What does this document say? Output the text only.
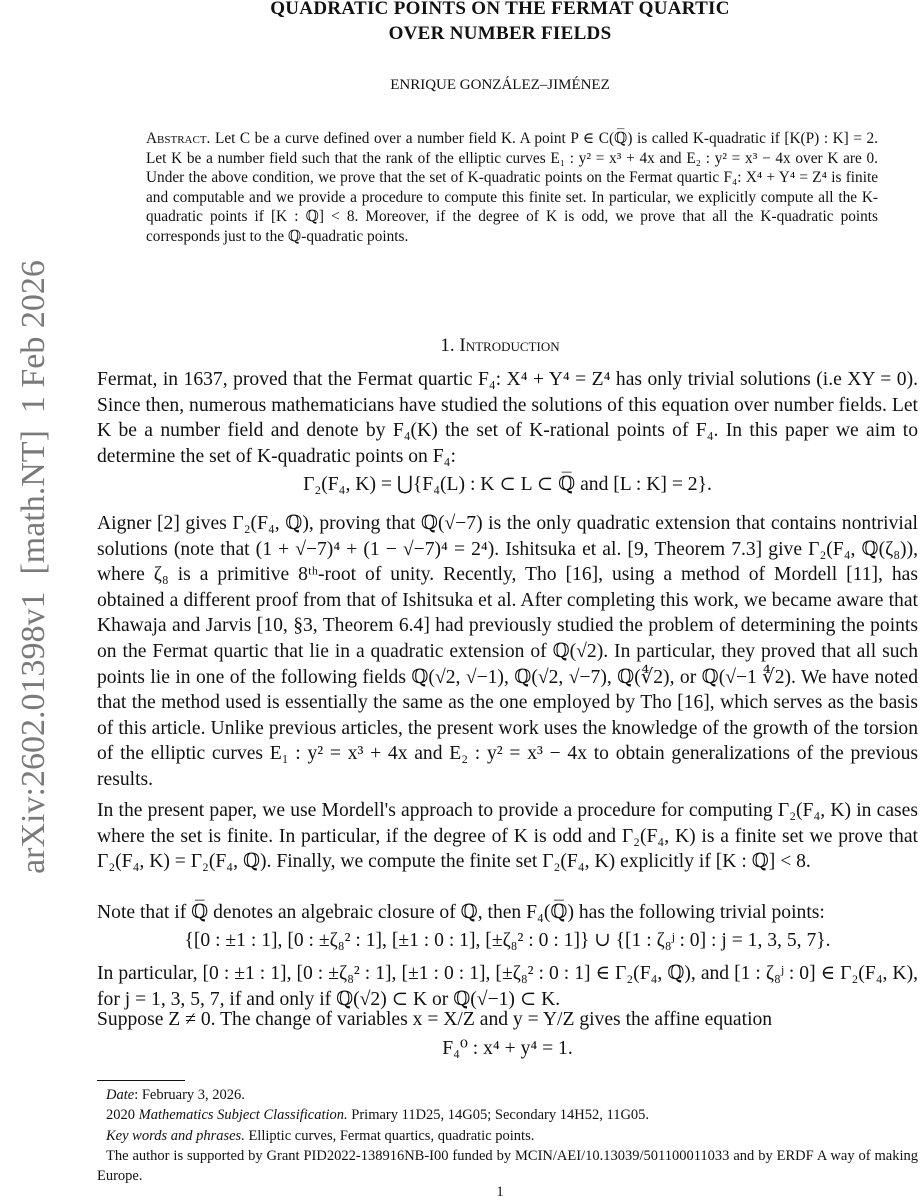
arXiv:2602.01398v1  [math.NT]  1 Feb 2026
QUADRATIC POINTS ON THE FERMAT QUARTIC
OVER NUMBER FIELDS
ENRIQUE GONZÁLEZ–JIMÉNEZ
Abstract. Let C be a curve defined over a number field K. A point P ∈ C(ℚ̅) is called K-quadratic if [K(P) : K] = 2. Let K be a number field such that the rank of the elliptic curves E₁ : y² = x³ + 4x and E₂ : y² = x³ − 4x over K are 0. Under the above condition, we prove that the set of K-quadratic points on the Fermat quartic F₄: X⁴ + Y⁴ = Z⁴ is finite and computable and we provide a procedure to compute this finite set. In particular, we explicitly compute all the K-quadratic points if [K : ℚ] < 8. Moreover, if the degree of K is odd, we prove that all the K-quadratic points corresponds just to the ℚ-quadratic points.
1. Introduction
Fermat, in 1637, proved that the Fermat quartic F₄: X⁴ + Y⁴ = Z⁴ has only trivial solutions (i.e XY = 0). Since then, numerous mathematicians have studied the solutions of this equation over number fields. Let K be a number field and denote by F₄(K) the set of K-rational points of F₄. In this paper we aim to determine the set of K-quadratic points on F₄:
Γ₂(F₄, K) = ⋃{F₄(L) : K ⊂ L ⊂ ℚ̅ and [L : K] = 2}.
Aigner [2] gives Γ₂(F₄, ℚ), proving that ℚ(√−7) is the only quadratic extension that contains nontrivial solutions (note that (1 + √−7)⁴ + (1 − √−7)⁴ = 2⁴). Ishitsuka et al. [9, Theorem 7.3] give Γ₂(F₄, ℚ(ζ₈)), where ζ₈ is a primitive 8ᵗʰ-root of unity. Recently, Tho [16], using a method of Mordell [11], has obtained a different proof from that of Ishitsuka et al. After completing this work, we became aware that Khawaja and Jarvis [10, §3, Theorem 6.4] had previously studied the problem of determining the points on the Fermat quartic that lie in a quadratic extension of ℚ(√2). In particular, they proved that all such points lie in one of the following fields ℚ(√2, √−1), ℚ(√2, √−7), ℚ(∜2), or ℚ(√−1 ∜2). We have noted that the method used is essentially the same as the one employed by Tho [16], which serves as the basis of this article. Unlike previous articles, the present work uses the knowledge of the growth of the torsion of the elliptic curves E₁ : y² = x³ + 4x and E₂ : y² = x³ − 4x to obtain generalizations of the previous results.
In the present paper, we use Mordell's approach to provide a procedure for computing Γ₂(F₄, K) in cases where the set is finite. In particular, if the degree of K is odd and Γ₂(F₄, K) is a finite set we prove that Γ₂(F₄, K) = Γ₂(F₄, ℚ). Finally, we compute the finite set Γ₂(F₄, K) explicitly if [K : ℚ] < 8.
Note that if ℚ̅ denotes an algebraic closure of ℚ, then F₄(ℚ̅) has the following trivial points:
{[0 : ±1 : 1], [0 : ±ζ₈² : 1], [±1 : 0 : 1], [±ζ₈² : 0 : 1]} ∪ {[1 : ζ₈ʲ : 0] : j = 1, 3, 5, 7}.
In particular, [0 : ±1 : 1], [0 : ±ζ₈² : 1], [±1 : 0 : 1], [±ζ₈² : 0 : 1] ∈ Γ₂(F₄, ℚ), and [1 : ζ₈ʲ : 0] ∈ Γ₂(F₄, K), for j = 1, 3, 5, 7, if and only if ℚ(√2) ⊂ K or ℚ(√−1) ⊂ K.
Suppose Z ≠ 0. The change of variables x = X/Z and y = Y/Z gives the affine equation
F₄⁰ : x⁴ + y⁴ = 1.
Date: February 3, 2026.
2020 Mathematics Subject Classification. Primary 11D25, 14G05; Secondary 14H52, 11G05.
Key words and phrases. Elliptic curves, Fermat quartics, quadratic points.
The author is supported by Grant PID2022-138916NB-I00 funded by MCIN/AEI/10.13039/501100011033 and by ERDF A way of making Europe.
1
